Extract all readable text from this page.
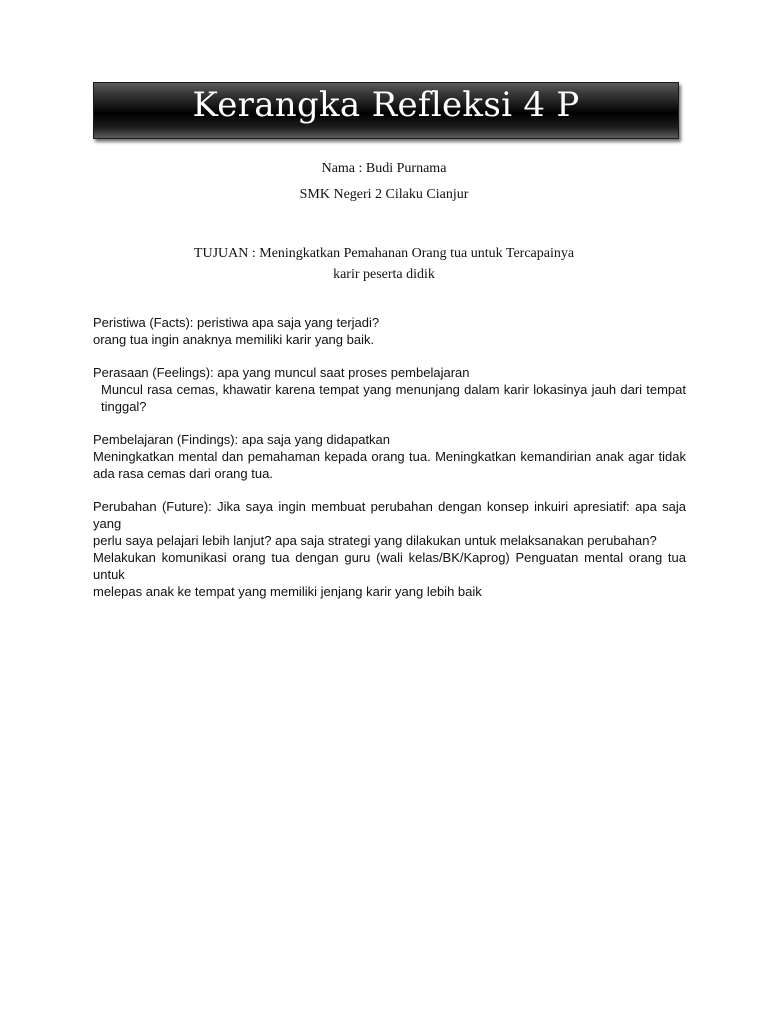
Kerangka Refleksi 4 P
Nama : Budi Purnama
SMK Negeri 2 Cilaku Cianjur
TUJUAN : Meningkatkan Pemahanan Orang tua untuk Tercapainya
karir peserta didik
Peristiwa (Facts): peristiwa apa saja yang terjadi?
orang tua ingin anaknya memiliki karir yang baik.
Perasaan (Feelings): apa yang muncul saat proses pembelajaran
Muncul rasa cemas, khawatir karena tempat yang menunjang dalam karir lokasinya jauh dari tempat
tinggal?
Pembelajaran (Findings): apa saja yang didapatkan
Meningkatkan mental dan pemahaman kepada orang tua. Meningkatkan kemandirian anak agar tidak
ada rasa cemas dari orang tua.
Perubahan (Future): Jika saya ingin membuat perubahan dengan konsep inkuiri apresiatif: apa saja yang
perlu saya pelajari lebih lanjut? apa saja strategi yang dilakukan untuk melaksanakan perubahan?
Melakukan komunikasi orang tua dengan guru (wali kelas/BK/Kaprog) Penguatan mental orang tua untuk
melepas anak ke tempat yang memiliki jenjang karir yang lebih baik
